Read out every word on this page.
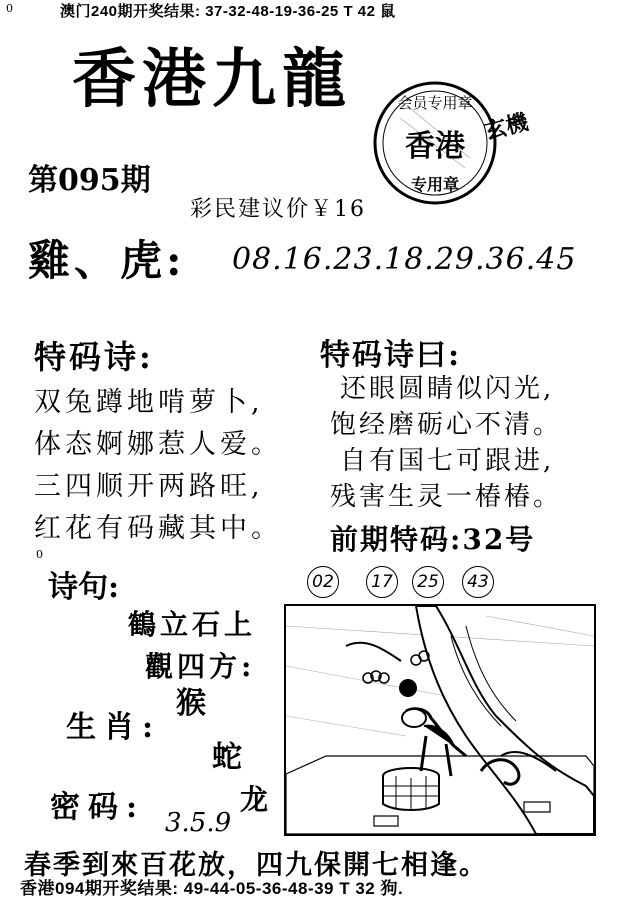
0	澳门240期开奖结果: 37-32-48-19-36-25 T 42 鼠
香港九龍	会员专用章
香港
专用章
玄機
第095期
彩民建议价￥16
雞、虎: 08.16.23.18.29.36.45
特码诗:
双兔蹲地啃萝卜,
体态婀娜惹人爱。
三四顺开两路旺,
红花有码藏其中。
特码诗曰:
还眼圆睛似闪光,
饱经磨砺心不清。
自有国七可跟进,
残害生灵一椿椿。
前期特码:32号
0
02	17	25	43
诗句:
鶴立石上
觀四方:
生肖:
猴
蛇
密码: 3.5.9
龙
春季到來百花放，四九保開七相逢。
香港094期开奖结果: 49-44-05-36-48-39 T 32 狗.
